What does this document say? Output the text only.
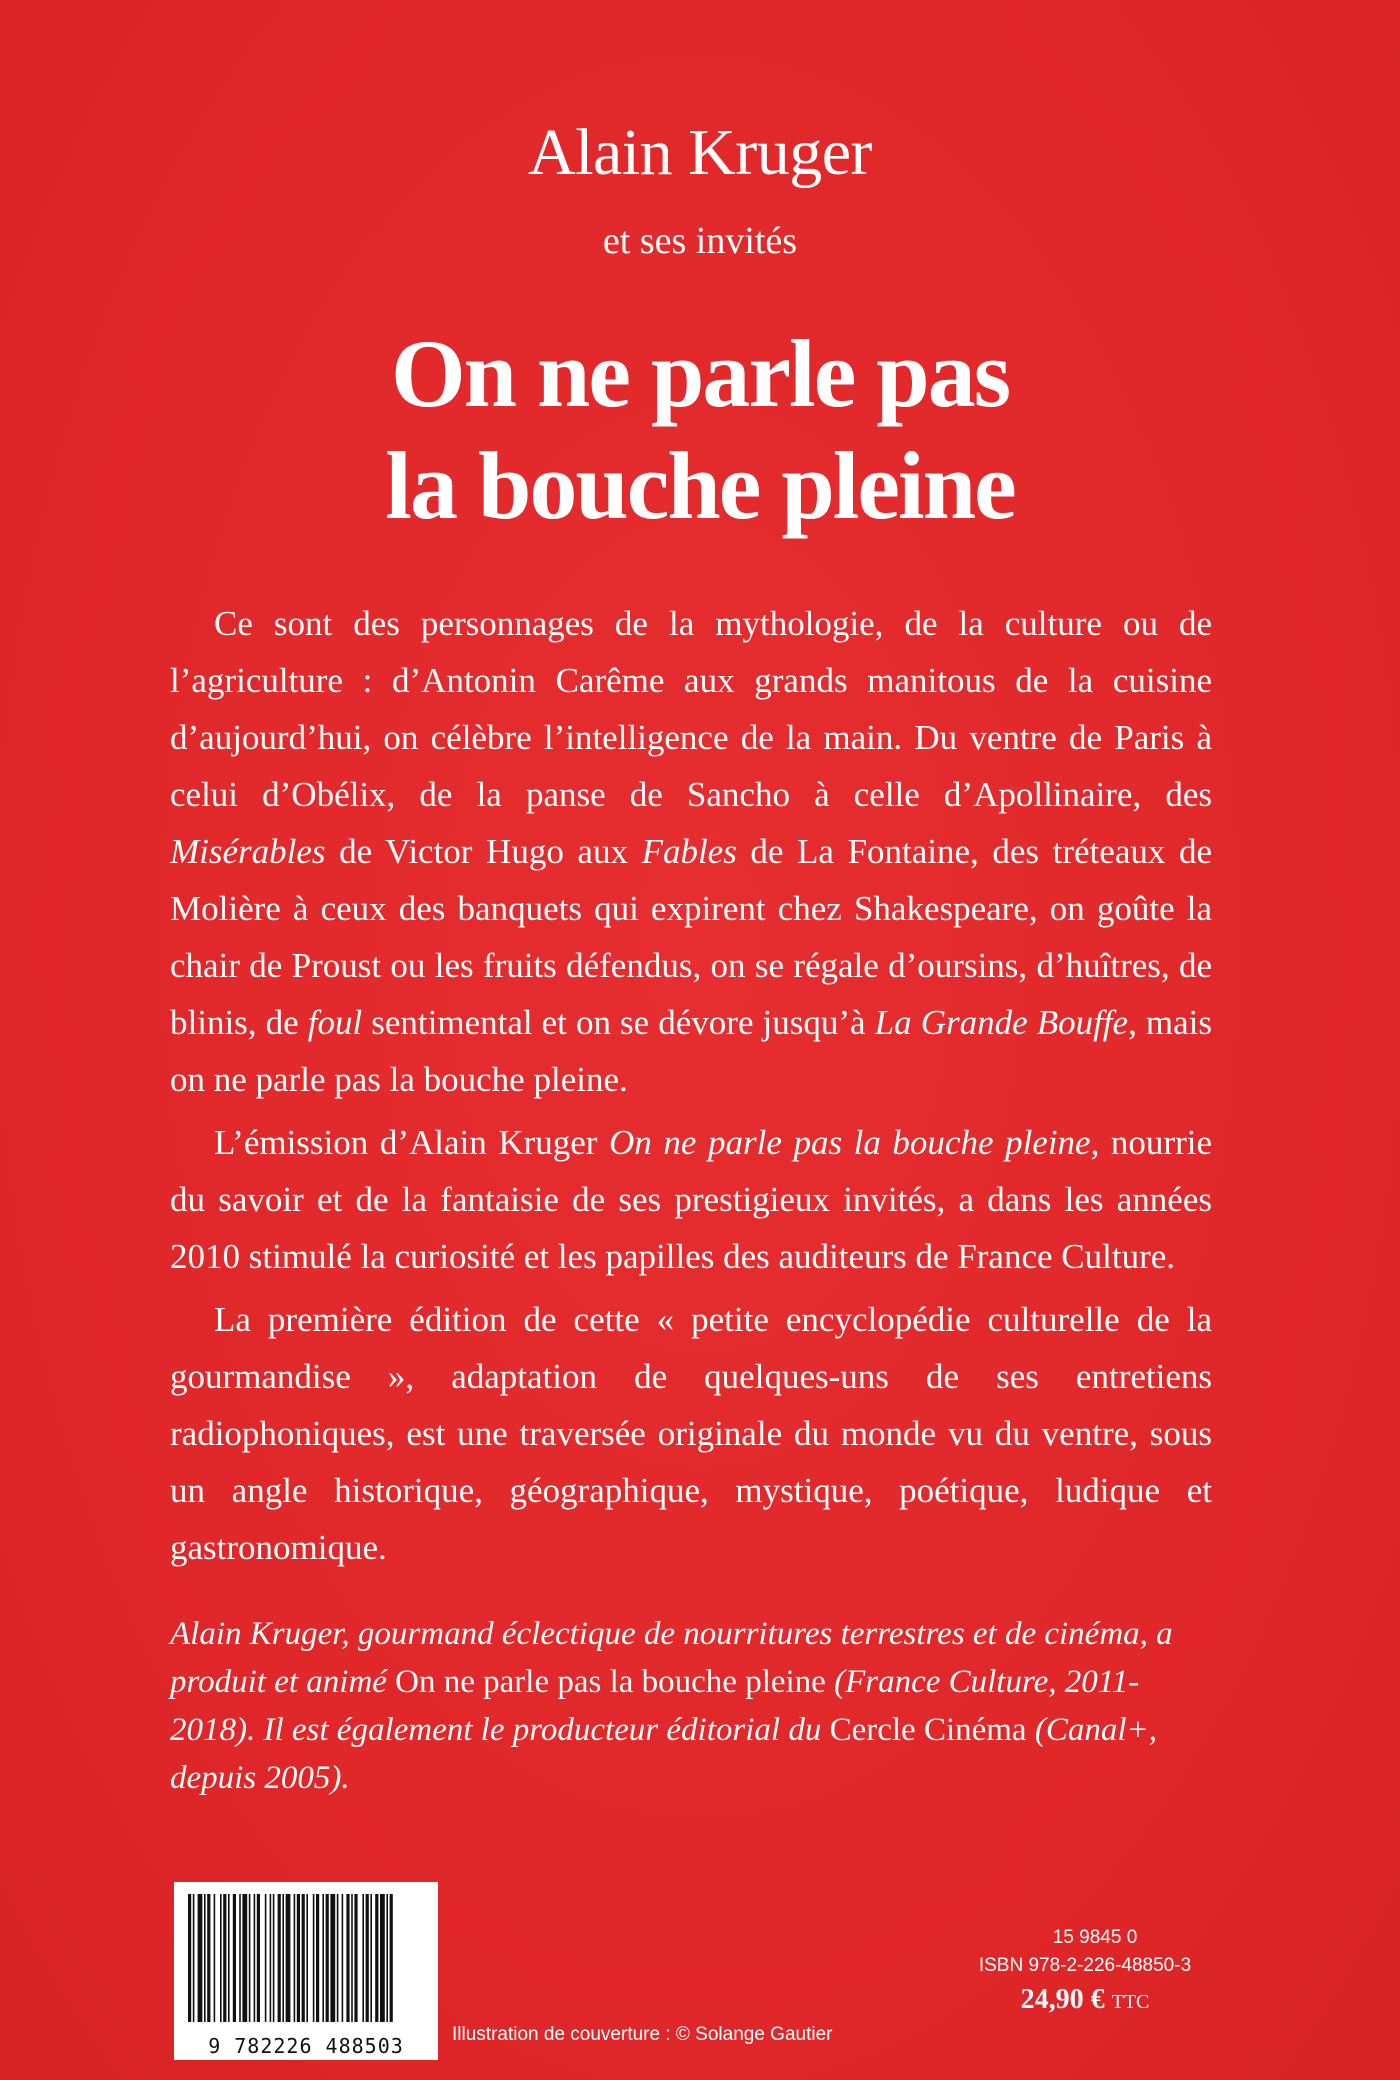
Alain Kruger
et ses invités
On ne parle pas
la bouche pleine

Ce sont des personnages de la mythologie, de la culture ou de l’agriculture : d’Antonin Carême aux grands manitous de la cuisine d’aujourd’hui, on célèbre l’intelligence de la main. Du ventre de Paris à celui d’Obélix, de la panse de Sancho à celle d’Apollinaire, des Misérables de Victor Hugo aux Fables de La Fontaine, des tréteaux de Molière à ceux des banquets qui expirent chez Shakespeare, on goûte la chair de Proust ou les fruits défendus, on se régale d’oursins, d’huîtres, de blinis, de foul sentimental et on se dévore jusqu’à La Grande Bouffe, mais on ne parle pas la bouche pleine.

L’émission d’Alain Kruger On ne parle pas la bouche pleine, nourrie du savoir et de la fantaisie de ses prestigieux invités, a dans les années 2010 stimulé la curiosité et les papilles des auditeurs de France Culture.

La première édition de cette « petite encyclopédie culturelle de la gourmandise », adaptation de quelques-uns de ses entretiens radiophoniques, est une traversée originale du monde vu du ventre, sous un angle historique, géographique, mystique, poétique, ludique et gastronomique.

Alain Kruger, gourmand éclectique de nourritures terrestres et de cinéma, a produit et animé On ne parle pas la bouche pleine (France Culture, 2011-2018). Il est également le producteur éditorial du Cercle Cinéma (Canal+, depuis 2005).
9 782226 488503	Illustration de couverture : © Solange Gautier
15 9845 0
ISBN 978-2-226-48850-3
24,90 € TTC
